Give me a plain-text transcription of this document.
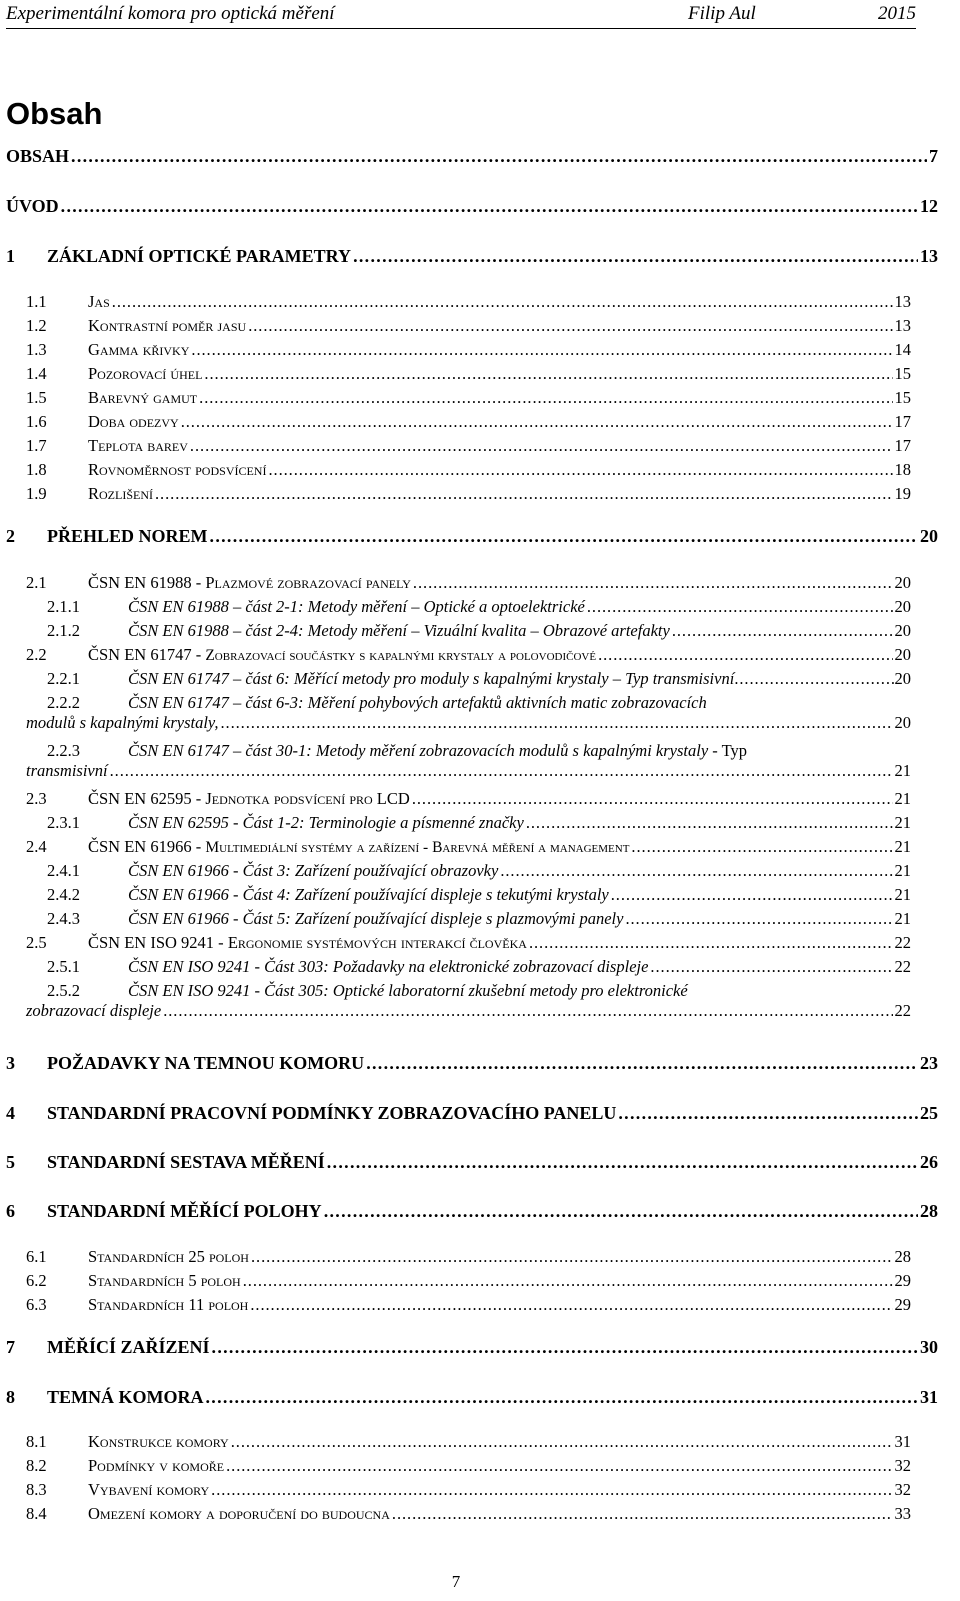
Experimentální komora pro optická měření	Filip Aul	2015
Obsah
OBSAH . . .	7
ÚVOD . . .	12
1	ZÁKLADNÍ OPTICKÉ PARAMETRY . . .	13
1.1	Jas . . .	13
1.2	Kontrastní poměr jasu . . .	13
1.3	Gamma křivky . . .	14
1.4	Pozorovací úhel . . .	15
1.5	Barevný gamut . . .	15
1.6	Doba odezvy . . .	17
1.7	Teplota barev . . .	17
1.8	Rovnoměrnost podsvícení . . .	18
1.9	Rozlišení . . .	19
2	PŘEHLED NOREM . . .	20
2.1	ČSN EN 61988 - Plazmové zobrazovací panely . . .	20
2.1.1	ČSN EN 61988 – část 2-1: Metody měření – Optické a optoelektrické . . .	20
2.1.2	ČSN EN 61988 – část 2-4: Metody měření – Vizuální kvalita – Obrazové artefakty . . .	20
2.2	ČSN EN 61747 - Zobrazovací součástky s kapalnými krystaly a polovodičové . . .	20
2.2.1	ČSN EN 61747 – část 6: Měřící metody pro moduly s kapalnými krystaly – Typ transmisivní . . .	20
2.2.2	ČSN EN 61747 – část 6-3: Měření pohybových artefaktů aktivních matic zobrazovacích
modulů s kapalnými krystaly, . . .	20
2.2.3	ČSN EN 61747 – část 30-1: Metody měření zobrazovacích modulů s kapalnými krystaly - Typ
transmisivní . . .	21
2.3	ČSN EN 62595 - Jednotka podsvícení pro LCD . . .	21
2.3.1	ČSN EN 62595 - Část 1-2: Terminologie a písmenné značky . . .	21
2.4	ČSN EN 61966 - Multimediální systémy a zařízení - Barevná měření a management . . .	21
2.4.1	ČSN EN 61966 - Část 3: Zařízení používající obrazovky . . .	21
2.4.2	ČSN EN 61966 - Část 4: Zařízení používající displeje s tekutými krystaly . . .	21
2.4.3	ČSN EN 61966 - Část 5: Zařízení používající displeje s plazmovými panely . . .	21
2.5	ČSN EN ISO 9241 - Ergonomie systémových interakcí člověka . . .	22
2.5.1	ČSN EN ISO 9241 - Část 303: Požadavky na elektronické zobrazovací displeje . . .	22
2.5.2	ČSN EN ISO 9241 - Část 305: Optické laboratorní zkušební metody pro elektronické
zobrazovací displeje . . .	22
3	POŽADAVKY NA TEMNOU KOMORU . . .	23
4	STANDARDNÍ PRACOVNÍ PODMÍNKY ZOBRAZOVACÍHO PANELU . . .	25
5	STANDARDNÍ SESTAVA MĚŘENÍ . . .	26
6	STANDARDNÍ MĚŘÍCÍ POLOHY . . .	28
6.1	Standardních 25 poloh . . .	28
6.2	Standardních 5 poloh . . .	29
6.3	Standardních 11 poloh . . .	29
7	MĚŘÍCÍ ZAŘÍZENÍ . . .	30
8	TEMNÁ KOMORA . . .	31
8.1	Konstrukce komory . . .	31
8.2	Podmínky v komoře . . .	32
8.3	Vybavení komory . . .	32
8.4	Omezení komory a doporučení do budoucna . . .	33
7
